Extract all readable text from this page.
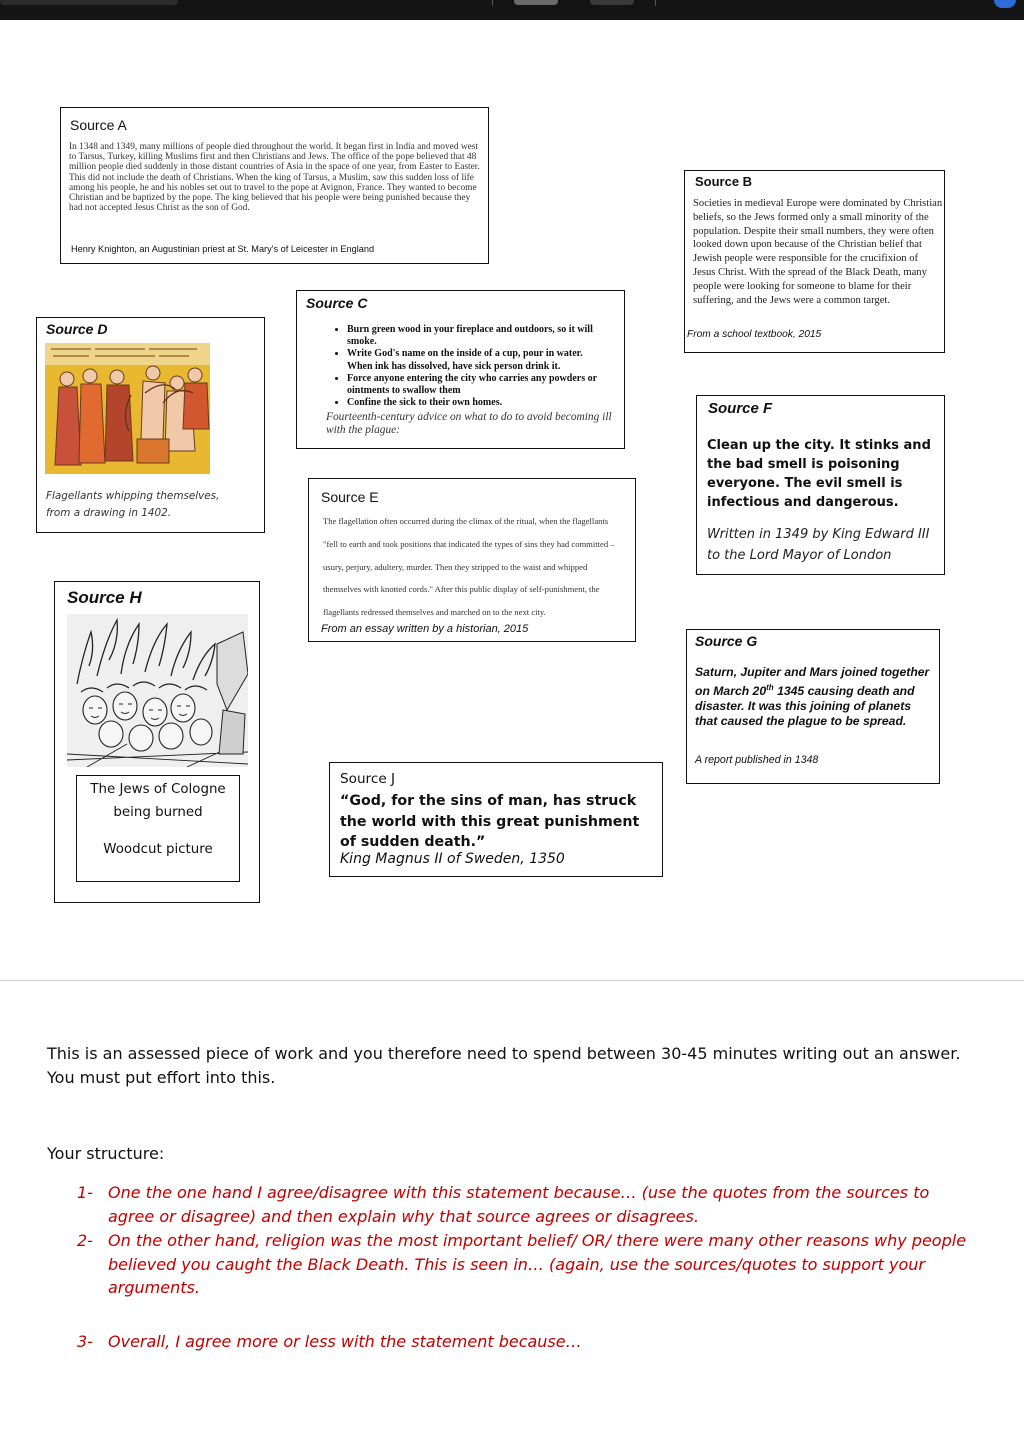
Source A
In 1348 and 1349, many millions of people died throughout the world. It began first in India and moved west to Tarsus, Turkey, killing Muslims first and then Christians and Jews. The office of the pope believed that 48 million people died suddenly in those distant countries of Asia in the space of one year, from Easter to Easter. This did not include the death of Christians. When the king of Tarsus, a Muslim, saw this sudden loss of life among his people, he and his nobles set out to travel to the pope at Avignon, France. They wanted to become Christian and be baptized by the pope. The king believed that his people were being punished because they had not accepted Jesus Christ as the son of God.
Henry Knighton, an Augustinian priest at St. Mary's of Leicester in England
Source B
Societies in medieval Europe were dominated by Christian beliefs, so the Jews formed only a small minority of the population. Despite their small numbers, they were often looked down upon because of the Christian belief that Jewish people were responsible for the crucifixion of Jesus Christ. With the spread of the Black Death, many people were looking for someone to blame for their suffering, and the Jews were a common target.
From a school textbook, 2015
Source C
• Burn green wood in your fireplace and outdoors, so it will smoke.
• Write God's name on the inside of a cup, pour in water. When ink has dissolved, have sick person drink it.
• Force anyone entering the city who carries any powders or ointments to swallow them
• Confine the sick to their own homes.
Fourteenth-century advice on what to do to avoid becoming ill with the plague:
Source D
Flagellants whipping themselves, from a drawing in 1402.
Source E
The flagellation often occurred during the climax of the ritual, when the flagellants "fell to earth and took positions that indicated the types of sins they had committed – usury, perjury, adultery, murder. Then they stripped to the waist and whipped themselves with knotted cords." After this public display of self-punishment, the flagellants redressed themselves and marched on to the next city.
From an essay written by a historian, 2015
Source F
Clean up the city. It stinks and the bad smell is poisoning everyone. The evil smell is infectious and dangerous.
Written in 1349 by King Edward III to the Lord Mayor of London
Source G
Saturn, Jupiter and Mars joined together on March 20th 1345 causing death and disaster. It was this joining of planets that caused the plague to be spread.
A report published in 1348
Source H
The Jews of Cologne
being burned
Woodcut picture
Source J
“God, for the sins of man, has struck the world with this great punishment of sudden death.”
King Magnus II of Sweden, 1350
This is an assessed piece of work and you therefore need to spend between 30-45 minutes writing out an answer. You must put effort into this.
Your structure:
1- One the one hand I agree/disagree with this statement because… (use the quotes from the sources to agree or disagree) and then explain why that source agrees or disagrees.
2- On the other hand, religion was the most important belief/ OR/ there were many other reasons why people believed you caught the Black Death. This is seen in… (again, use the sources/quotes to support your arguments.
3- Overall, I agree more or less with the statement because…
